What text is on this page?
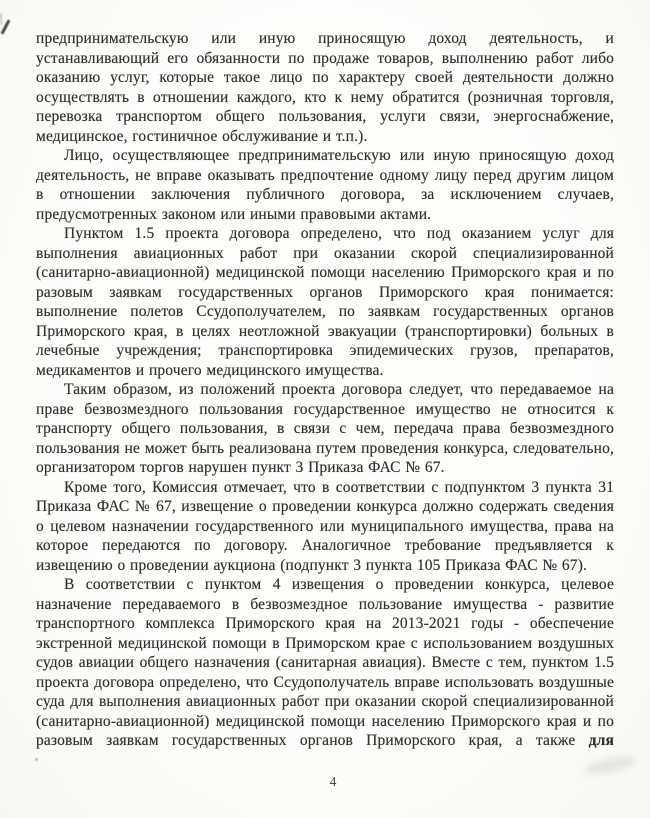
предпринимательскую или иную приносящую доход деятельность, и устанавливающий его обязанности по продаже товаров, выполнению работ либо оказанию услуг, которые такое лицо по характеру своей деятельности должно осуществлять в отношении каждого, кто к нему обратится (розничная торговля, перевозка транспортом общего пользования, услуги связи, энергоснабжение, медицинское, гостиничное обслуживание и т.п.).

Лицо, осуществляющее предпринимательскую или иную приносящую доход деятельность, не вправе оказывать предпочтение одному лицу перед другим лицом в отношении заключения публичного договора, за исключением случаев, предусмотренных законом или иными правовыми актами.

Пунктом 1.5 проекта договора определено, что под оказанием услуг для выполнения авиационных работ при оказании скорой специализированной (санитарно-авиационной) медицинской помощи населению Приморского края и по разовым заявкам государственных органов Приморского края понимается: выполнение полетов Ссудополучателем, по заявкам государственных органов Приморского края, в целях неотложной эвакуации (транспортировки) больных в лечебные учреждения; транспортировка эпидемических грузов, препаратов, медикаментов и прочего медицинского имущества.

Таким образом, из положений проекта договора следует, что передаваемое на праве безвозмездного пользования государственное имущество не относится к транспорту общего пользования, в связи с чем, передача права безвозмездного пользования не может быть реализована путем проведения конкурса, следовательно, организатором торгов нарушен пункт 3 Приказа ФАС № 67.

Кроме того, Комиссия отмечает, что в соответствии с подпунктом 3 пункта 31 Приказа ФАС № 67, извещение о проведении конкурса должно содержать сведения о целевом назначении государственного или муниципального имущества, права на которое передаются по договору. Аналогичное требование предъявляется к извещению о проведении аукциона (подпункт 3 пункта 105 Приказа ФАС № 67).

В соответствии с пунктом 4 извещения о проведении конкурса, целевое назначение передаваемого в безвозмездное пользование имущества - развитие транспортного комплекса Приморского края на 2013-2021 годы - обеспечение экстренной медицинской помощи в Приморском крае с использованием воздушных судов авиации общего назначения (санитарная авиация). Вместе с тем, пунктом 1.5 проекта договора определено, что Ссудополучатель вправе использовать воздушные суда для выполнения авиационных работ при оказании скорой специализированной (санитарно-авиационной) медицинской помощи населению Приморского края и по разовым заявкам государственных органов Приморского края, а также для

4
